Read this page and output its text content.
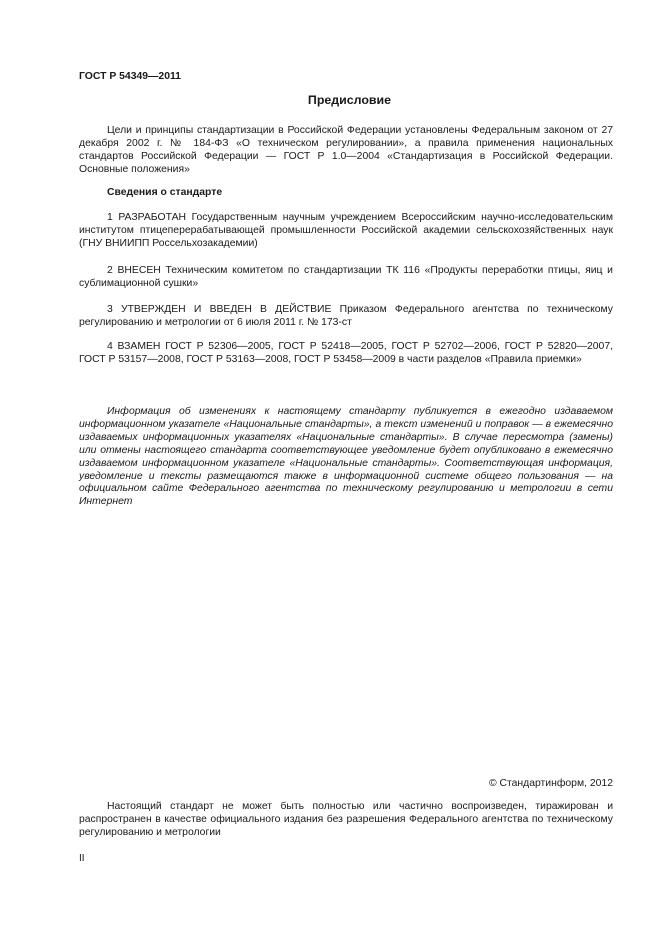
ГОСТ Р 54349—2011

Предисловие

Цели и принципы стандартизации в Российской Федерации установлены Федеральным законом от 27 декабря 2002 г. № 184-ФЗ «О техническом регулировании», а правила применения национальных стандартов Российской Федерации — ГОСТ Р 1.0—2004 «Стандартизация в Российской Федерации. Основные положения»

Сведения о стандарте

1 РАЗРАБОТАН Государственным научным учреждением Всероссийским научно-исследовательским институтом птицеперерабатывающей промышленности Российской академии сельскохозяйственных наук (ГНУ ВНИИПП Россельхозакадемии)

2 ВНЕСЕН Техническим комитетом по стандартизации ТК 116 «Продукты переработки птицы, яиц и сублимационной сушки»

3 УТВЕРЖДЕН И ВВЕДЕН В ДЕЙСТВИЕ Приказом Федерального агентства по техническому регулированию и метрологии от 6 июля 2011 г. № 173-ст

4 ВЗАМЕН ГОСТ Р 52306—2005, ГОСТ Р 52418—2005, ГОСТ Р 52702—2006, ГОСТ Р 52820—2007, ГОСТ Р 53157—2008, ГОСТ Р 53163—2008, ГОСТ Р 53458—2009 в части разделов «Правила приемки»

Информация об изменениях к настоящему стандарту публикуется в ежегодно издаваемом информационном указателе «Национальные стандарты», а текст изменений и поправок — в ежемесячно издаваемых информационных указателях «Национальные стандарты». В случае пересмотра (замены) или отмены настоящего стандарта соответствующее уведомление будет опубликовано в ежемесячно издаваемом информационном указателе «Национальные стандарты». Соответствующая информация, уведомление и тексты размещаются также в информационной системе общего пользования — на официальном сайте Федерального агентства по техническому регулированию и метрологии в сети Интернет

© Стандартинформ, 2012

Настоящий стандарт не может быть полностью или частично воспроизведен, тиражирован и распространен в качестве официального издания без разрешения Федерального агентства по техническому регулированию и метрологии

II
